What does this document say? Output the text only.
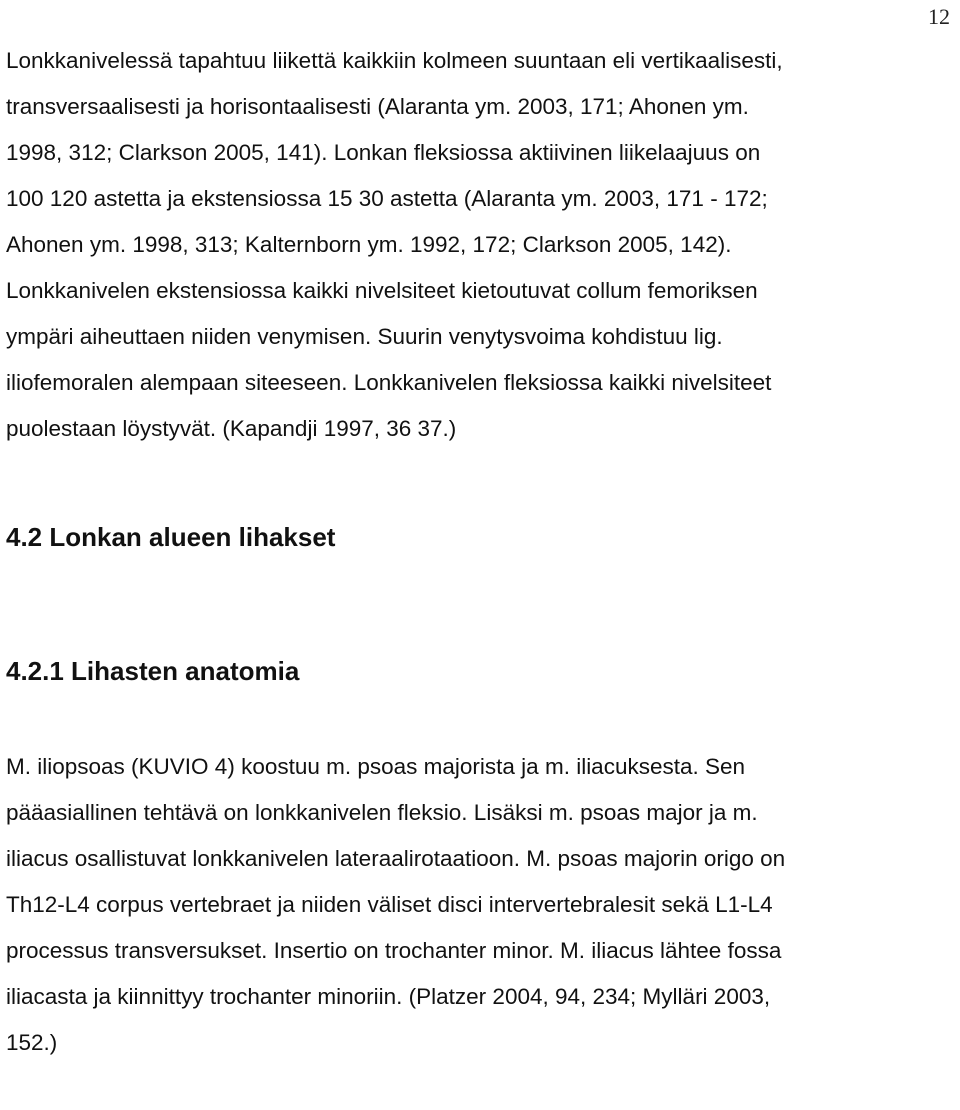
12
Lonkkanivelessä tapahtuu liikettä kaikkiin kolmeen suuntaan eli vertikaalisesti,
transversaalisesti ja horisontaalisesti (Alaranta ym. 2003, 171; Ahonen ym.
1998, 312; Clarkson 2005, 141). Lonkan fleksiossa aktiivinen liikelaajuus on
100 120 astetta ja ekstensiossa 15 30 astetta (Alaranta ym. 2003, 171 - 172;
Ahonen ym. 1998, 313; Kalternborn ym. 1992, 172; Clarkson 2005, 142).
Lonkkanivelen ekstensiossa kaikki nivelsiteet kietoutuvat collum femoriksen
ympäri aiheuttaen niiden venymisen. Suurin venytysvoima kohdistuu lig.
iliofemoralen alempaan siteeseen. Lonkkanivelen fleksiossa kaikki nivelsiteet
puolestaan löystyvät. (Kapandji 1997, 36 37.)
4.2 Lonkan alueen lihakset
4.2.1 Lihasten anatomia
M. iliopsoas (KUVIO 4) koostuu m. psoas majorista ja m. iliacuksesta. Sen
pääasiallinen tehtävä on lonkkanivelen fleksio. Lisäksi m. psoas major ja m.
iliacus osallistuvat lonkkanivelen lateraalirotaatioon. M. psoas majorin origo on
Th12-L4 corpus vertebraet ja niiden väliset disci intervertebralesit sekä L1-L4
processus transversukset. Insertio on trochanter minor. M. iliacus lähtee fossa
iliacasta ja kiinnittyy trochanter minoriin. (Platzer 2004, 94, 234; Mylläri 2003,
152.)
